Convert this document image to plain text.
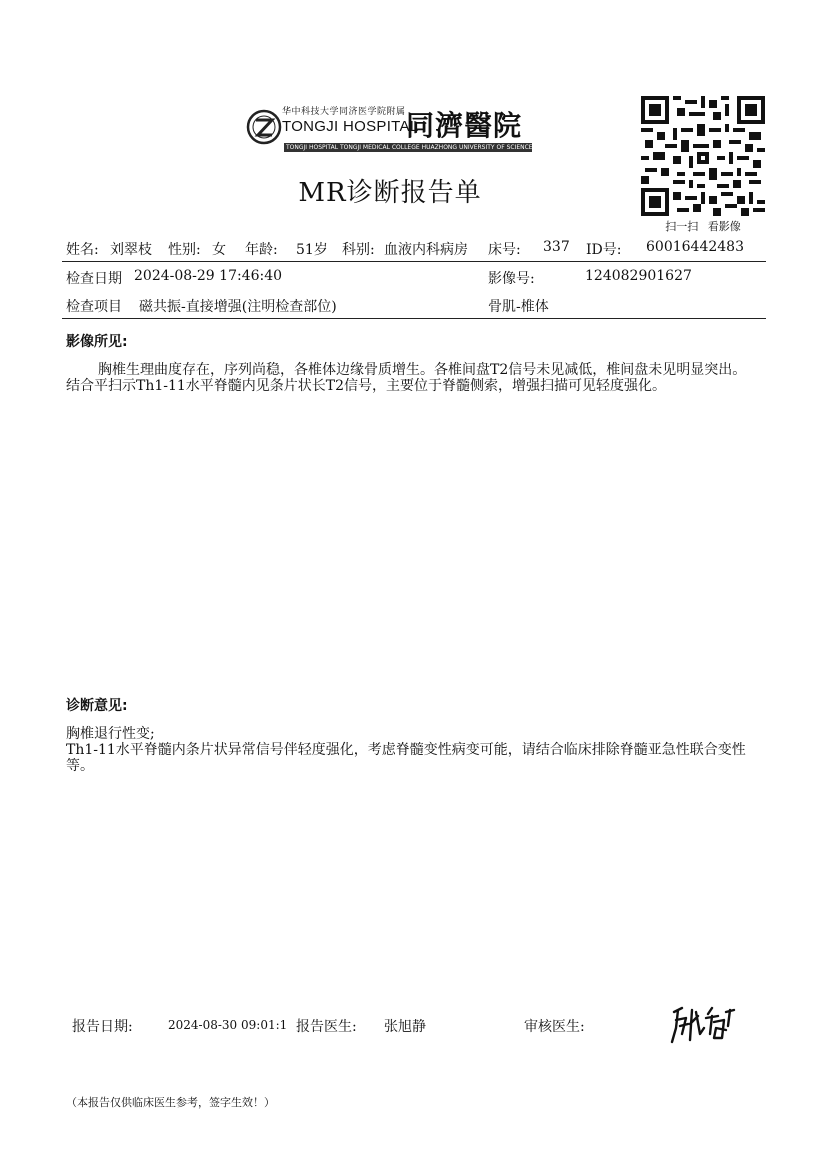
华中科技大学同济医学院附属
TONGJI HOSPITAL
同濟醫院
TONGJI HOSPITAL TONGJI MEDICAL COLLEGE HUAZHONG UNIVERSITY OF SCIENCE & TECHNOLOGY
MR诊断报告单
扫一扫 看影像
姓名: 刘翠枝 性别: 女 年龄: 51岁 科别: 血液内科病房 床号: 337 ID号: 60016442483
检查日期 2024-08-29 17:46:40	影像号:	124082901627
检查项目 磁共振-直接增强(注明检查部位)	骨肌-椎体
影像所见:
胸椎生理曲度存在，序列尚稳，各椎体边缘骨质增生。各椎间盘T2信号未见减低，椎间盘未见明显突出。结合平扫示Th1-11水平脊髓内见条片状长T2信号，主要位于脊髓侧索，增强扫描可见轻度强化。
诊断意见:
胸椎退行性变;
Th1-11水平脊髓内条片状异常信号伴轻度强化，考虑脊髓变性病变可能，请结合临床排除脊髓亚急性联合变性等。
报告日期:	2024-08-30 09:01:1 报告医生: 张旭静	审核医生:
（本报告仅供临床医生参考，签字生效！）
